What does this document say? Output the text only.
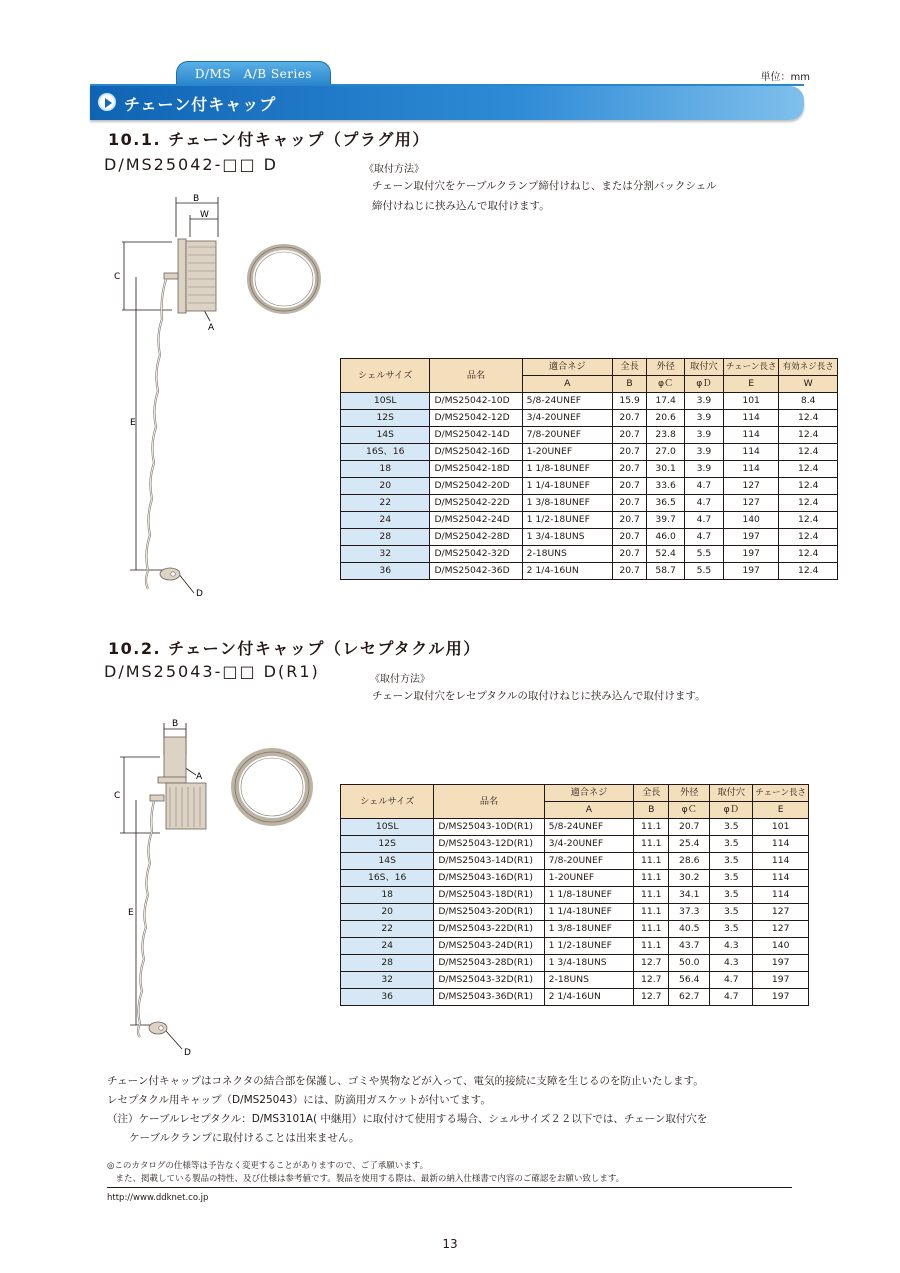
D/MS　A/B Series	単位：mm
チェーン付キャップ
10.1. チェーン付キャップ（プラグ用）
D/MS25042-□□ D	《取付方法》
チェーン取付穴をケーブルクランプ締付けねじ、または分割バックシェル
締付けねじに挟み込んで取付けます。
B
W
C
A
E
D
シェルサイズ	品名	適合ネジ	全長	外径	取付穴	チェーン長さ	有効ネジ長さ
		A	B	φＣ	φＤ	E	W
10SL	D/MS25042-10D	5/8-24UNEF	15.9	17.4	3.9	101	8.4
12S	D/MS25042-12D	3/4-20UNEF	20.7	20.6	3.9	114	12.4
14S	D/MS25042-14D	7/8-20UNEF	20.7	23.8	3.9	114	12.4
16S、16	D/MS25042-16D	1-20UNEF	20.7	27.0	3.9	114	12.4
18	D/MS25042-18D	1 1/8-18UNEF	20.7	30.1	3.9	114	12.4
20	D/MS25042-20D	1 1/4-18UNEF	20.7	33.6	4.7	127	12.4
22	D/MS25042-22D	1 3/8-18UNEF	20.7	36.5	4.7	127	12.4
24	D/MS25042-24D	1 1/2-18UNEF	20.7	39.7	4.7	140	12.4
28	D/MS25042-28D	1 3/4-18UNS	20.7	46.0	4.7	197	12.4
32	D/MS25042-32D	2-18UNS	20.7	52.4	5.5	197	12.4
36	D/MS25042-36D	2 1/4-16UN	20.7	58.7	5.5	197	12.4
10.2. チェーン付キャップ（レセプタクル用）
D/MS25043-□□ D(R1)	《取付方法》
チェーン取付穴をレセプタクルの取付けねじに挟み込んで取付けます。
B
C
A
E
D
シェルサイズ	品名	適合ネジ	全長	外径	取付穴	チェーン長さ
		A	B	φＣ	φＤ	E
10SL	D/MS25043-10D(R1)	5/8-24UNEF	11.1	20.7	3.5	101
12S	D/MS25043-12D(R1)	3/4-20UNEF	11.1	25.4	3.5	114
14S	D/MS25043-14D(R1)	7/8-20UNEF	11.1	28.6	3.5	114
16S、16	D/MS25043-16D(R1)	1-20UNEF	11.1	30.2	3.5	114
18	D/MS25043-18D(R1)	1 1/8-18UNEF	11.1	34.1	3.5	114
20	D/MS25043-20D(R1)	1 1/4-18UNEF	11.1	37.3	3.5	127
22	D/MS25043-22D(R1)	1 3/8-18UNEF	11.1	40.5	3.5	127
24	D/MS25043-24D(R1)	1 1/2-18UNEF	11.1	43.7	4.3	140
28	D/MS25043-28D(R1)	1 3/4-18UNS	12.7	50.0	4.3	197
32	D/MS25043-32D(R1)	2-18UNS	12.7	56.4	4.7	197
36	D/MS25043-36D(R1)	2 1/4-16UN	12.7	62.7	4.7	197
チェーン付キャップはコネクタの結合部を保護し、ゴミや異物などが入って、電気的接続に支障を生じるのを防止いたします。
レセプタクル用キャップ（D/MS25043）には、防滴用ガスケットが付いてます。
（注）ケーブルレセプタクル：D/MS3101A( 中継用）に取付けて使用する場合、シェルサイズ２２以下では、チェーン取付穴を
ケーブルクランプに取付けることは出来ません。
◎このカタログの仕様等は予告なく変更することがありますので、ご了承願います。
　また、掲載している製品の特性、及び仕様は参考値です。製品を使用する際は、最新の納入仕様書で内容のご確認をお願い致します。
http://www.ddknet.co.jp
13
